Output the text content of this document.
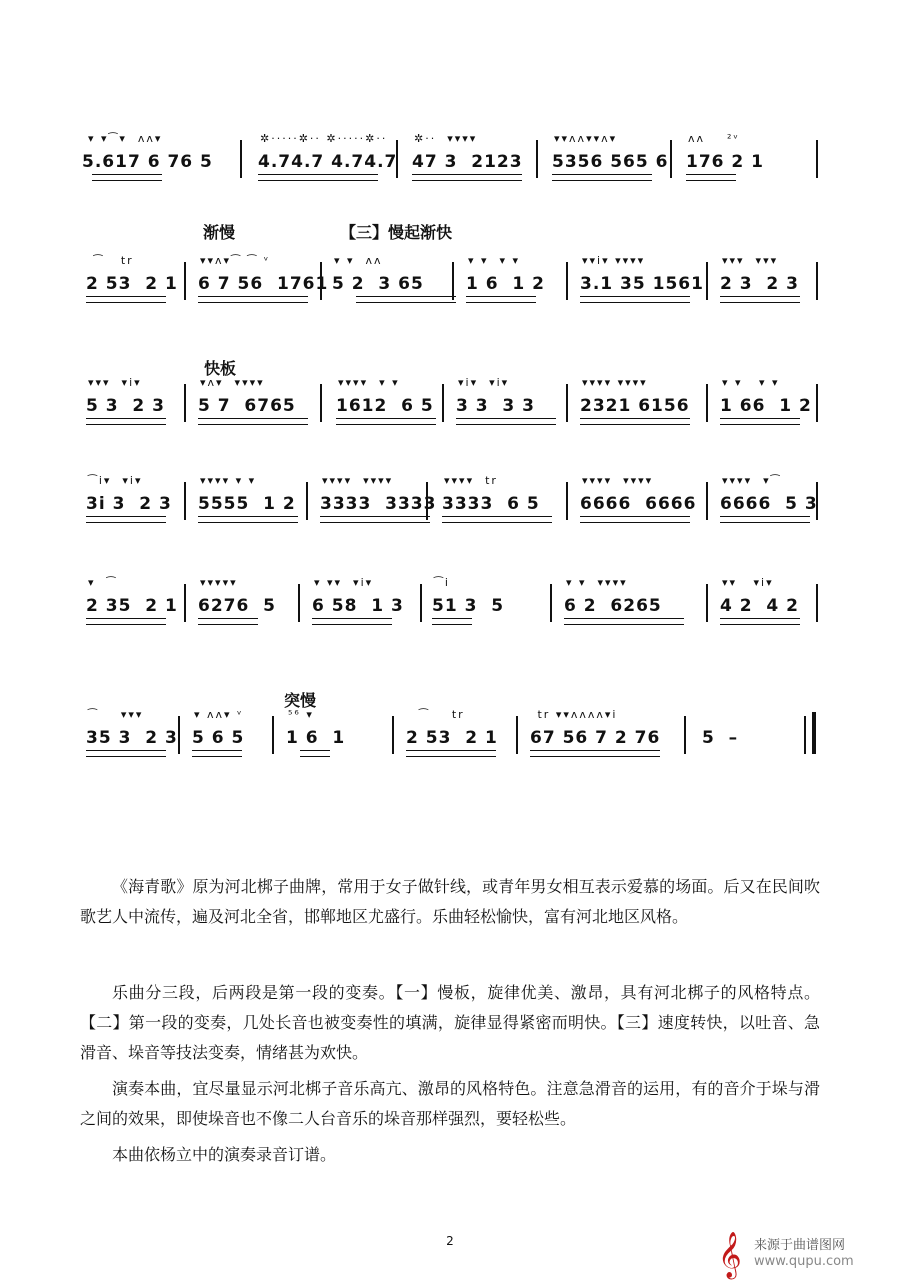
▾ ▾⁀▾  ᴧᴧ▾
5.617 6 76 5
✲·····✲·· ✲·····✲··
4.74.7 4.74.7
✲··  ▾▾▾▾
47 3  2123
▾▾ᴧᴧ▾▾ᴧ▾
5356 565 6
ᴧᴧ    ²ᵛ
176 2 1
渐慢	【三】慢起渐快
⁀   tr
2 53  2 1
▾▾ᴧ▾⁀ ⁀ ᵛ
6 7 56  1761
▾ ▾  ᴧᴧ
5 2  3 65
▾ ▾  ▾ ▾
1 6  1 2
▾▾i▾ ▾▾▾▾
3.1 35 1561
▾▾▾  ▾▾▾
2 3  2 3
快板
▾▾▾  ▾i▾
5 3  2 3
▾ᴧ▾  ▾▾▾▾
5 7  6765
▾▾▾▾  ▾ ▾
1612  6 5
▾i▾  ▾i▾
3 3  3 3
▾▾▾▾ ▾▾▾▾
2321 6156
▾ ▾   ▾ ▾
1 66  1 2
⁀i▾  ▾i▾
3i 3  2 3
▾▾▾▾ ▾ ▾
5555  1 2
▾▾▾▾  ▾▾▾▾
3333  3333
▾▾▾▾  tr
3333  6 5
▾▾▾▾  ▾▾▾▾
6666  6666
▾▾▾▾  ▾⁀
6666  5 3
▾  ⁀
2 35  2 1
▾▾▾▾▾
6276  5
▾ ▾▾  ▾i▾
6 58  1 3
⁀i
51 3  5
▾ ▾  ▾▾▾▾
6 2  6265
▾▾   ▾i▾
4 2  4 2
突慢
⁀    ▾▾▾
35 3  2 3
▾ ᴧᴧ▾ ᵛ
5 6 5
⁵⁶ ▾
1 6  1
⁀    tr
2 53  2 1
tr ▾▾ᴧᴧᴧᴧ▾i
67 56 7 2 76 5  –

《海青歌》原为河北梆子曲牌，常用于女子做针线，或青年男女相互表示爱慕的场面。后又在民间吹歌艺人中流传，遍及河北全省，邯郸地区尤盛行。乐曲轻松愉快，富有河北地区风格。

乐曲分三段，后两段是第一段的变奏。【一】慢板，旋律优美、激昂，具有河北梆子的风格特点。【二】第一段的变奏，几处长音也被变奏性的填满，旋律显得紧密而明快。【三】速度转快，以吐音、急滑音、垛音等技法变奏，情绪甚为欢快。

演奏本曲，宜尽量显示河北梆子音乐高亢、激昂的风格特色。注意急滑音的运用，有的音介于垛与滑之间的效果，即使垛音也不像二人台音乐的垛音那样强烈，要轻松些。

本曲依杨立中的演奏录音订谱。

2	𝄞 来源于曲谱图网
www.qupu.com
